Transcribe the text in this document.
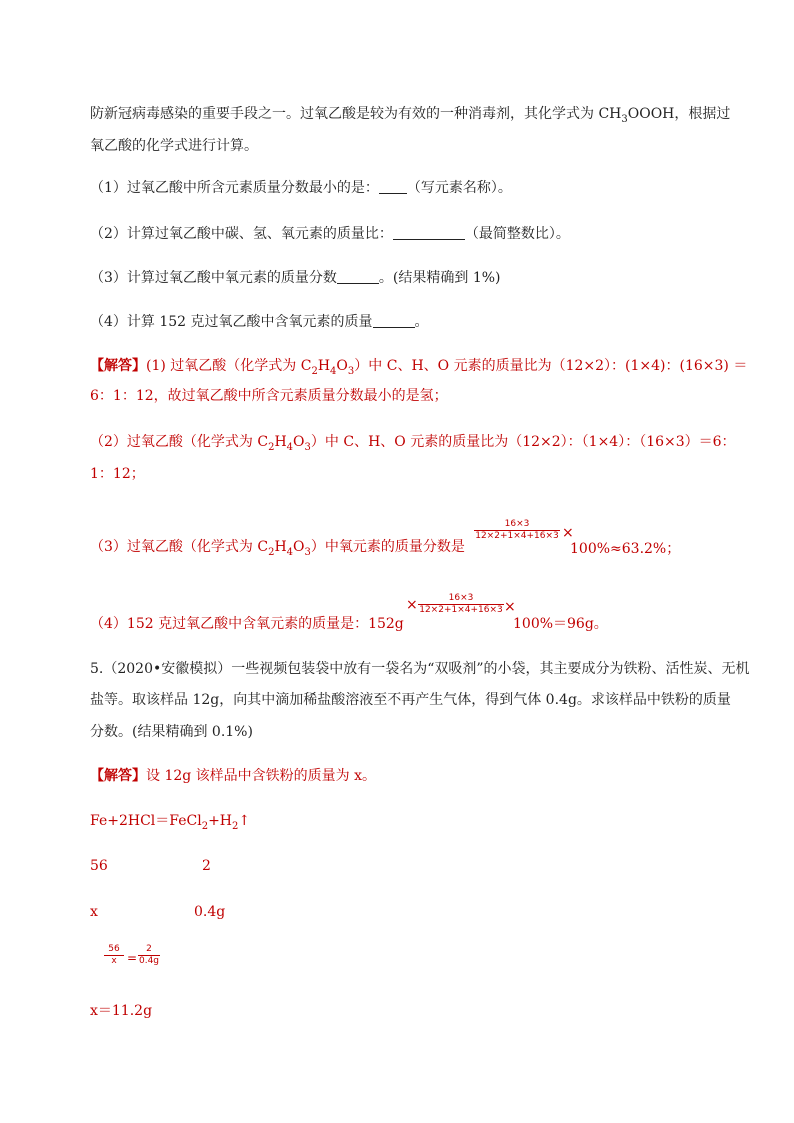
防新冠病毒感染的重要手段之一。过氧乙酸是较为有效的一种消毒剂，其化学式为 $CH_3OOOH$，根据过
氧乙酸的化学式进行计算。
（1）过氧乙酸中所含元素质量分数最小的是： （写元素名称）。
（2）计算过氧乙酸中碳、氢、氧元素的质量比：	（最简整数比）。
（3）计算过氧乙酸中氧元素的质量分数	。(结果精确到 1%)
（4）计算 152 克过氧乙酸中含氧元素的质量	。
【解答】(1) 过氧乙酸（化学式为 $C_2H_4O_3$）中 C、H、O 元素的质量比为（12×2）：(1×4)：(16×3) ＝
6：1：12，故过氧乙酸中所含元素质量分数最小的是氢；
（2）过氧乙酸（化学式为 $C_2H_4O_3$）中 C、H、O 元素的质量比为（12×2）：（1×4）：（16×3）＝6：
1：12；
（3）过氧乙酸（化学式为 $C_2H_4O_3$）中氧元素的质量分数是
16×3
12×2+1×4+16×3 ×
100%≈63.2%；
（4）152 克过氧乙酸中含氧元素的质量是：152g
×	16×3
12×2+1×4+16×3 ×
100%＝96g。
5.（2020•安徽模拟）一些视频包装袋中放有一袋名为“双吸剂”的小袋，其主要成分为铁粉、活性炭、无机
盐等。取该样品 12g，向其中滴加稀盐酸溶液至不再产生气体，得到气体 0.4g。求该样品中铁粉的质量
分数。(结果精确到 0.1%)
【解答】设 12g 该样品中含铁粉的质量为 x。
$Fe+2HCl=FeCl_2+H_2↑$
56	2
x	0.4g
56
x =
2
0.4g
x＝11.2g
